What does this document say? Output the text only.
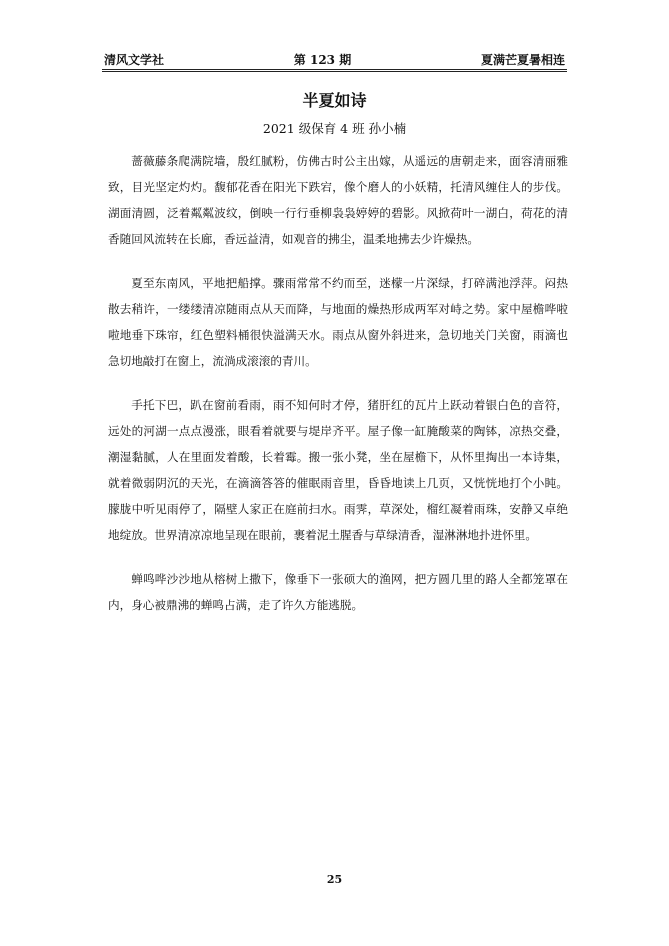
清风文学社	第 123 期	夏满芒夏暑相连
半夏如诗
2021 级保育 4 班 孙小楠

蔷薇藤条爬满院墙，殷红腻粉，仿佛古时公主出嫁，从遥远的唐朝走来，面容清丽雅致，目光坚定灼灼。馥郁花香在阳光下跌宕，像个磨人的小妖精，托清风缠住人的步伐。湖面清圆，泛着粼粼波纹，倒映一行行垂柳袅袅婷婷的碧影。风掀荷叶一湖白，荷花的清香随回风流转在长廊，香远益清，如观音的拂尘，温柔地拂去少许燥热。

夏至东南风，平地把船撑。骤雨常常不约而至，迷檬一片深绿，打碎满池浮萍。闷热散去稍许，一缕缕清凉随雨点从天而降，与地面的燥热形成两军对峙之势。家中屋檐哗啦啦地垂下珠帘，红色塑料桶很快溢满天水。雨点从窗外斜进来，急切地关门关窗，雨滴也急切地敲打在窗上，流淌成滚滚的青川。

手托下巴，趴在窗前看雨，雨不知何时才停，猪肝红的瓦片上跃动着银白色的音符，远处的河湖一点点漫涨，眼看着就要与堤岸齐平。屋子像一缸腌酸菜的陶钵，凉热交叠，潮湿黏腻，人在里面发着酸，长着霉。搬一张小凳，坐在屋檐下，从怀里掏出一本诗集，就着微弱阴沉的天光，在滴滴答答的催眠雨音里，昏昏地读上几页，又恍恍地打个小盹。朦胧中听见雨停了，隔壁人家正在庭前扫水。雨霁，草深处，榴红凝着雨珠，安静又卓绝地绽放。世界清凉凉地呈现在眼前，裹着泥土腥香与草绿清香，湿淋淋地扑进怀里。

蝉鸣哗沙沙地从榕树上撒下，像垂下一张硕大的渔网，把方圆几里的路人全都笼罩在内，身心被鼎沸的蝉鸣占满，走了许久方能逃脱。

25
